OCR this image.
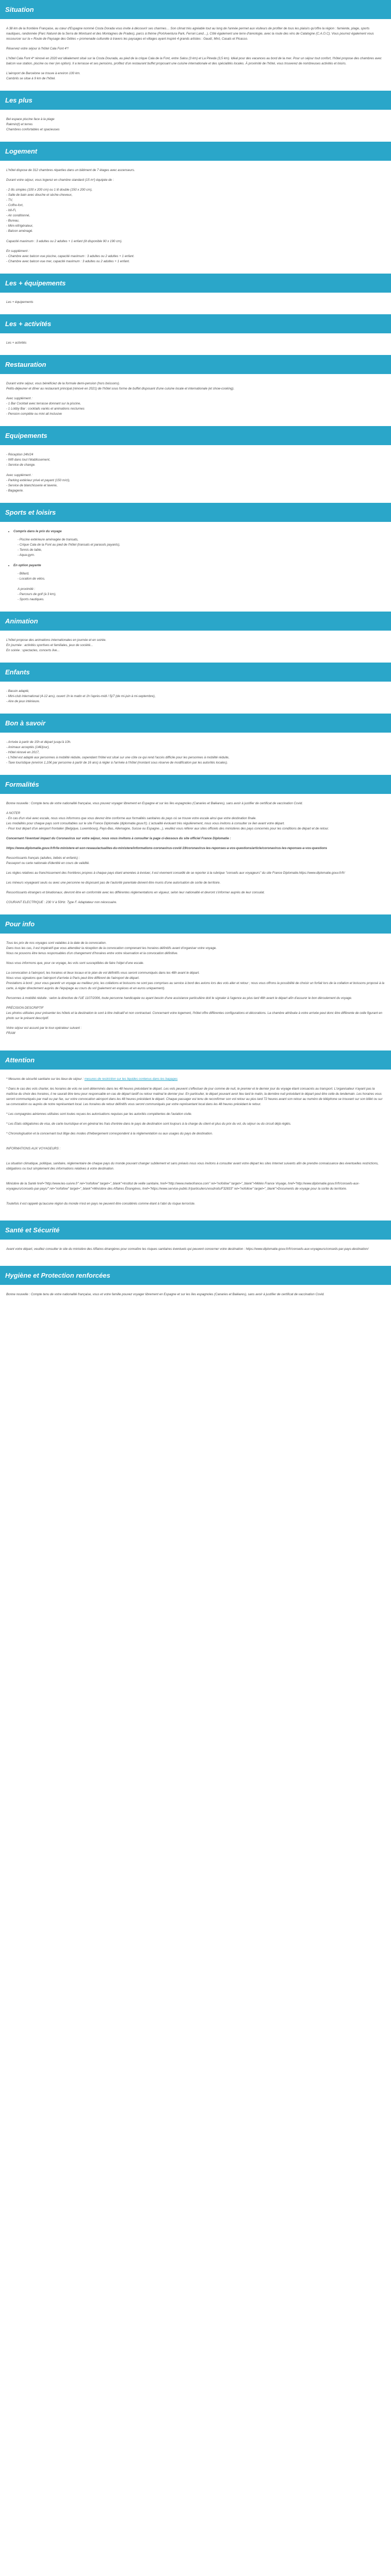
Situation

A 38 km de la frontière Française, au cœur d'Espagne nommé Costa Dorada vous invite à découvrir ses charmes… Son climat très agréable tout au long de l'année permet aux visiteurs de profiter de tous les plaisirs qu'offre la région : farniente, plage, sports nautiques, randonnée (Parc Naturel de la Serra de Montsant et des Montagnes de Prades), parcs à thème (PortAventura Park, Ferrari Land…), Côté également une terre d'œnologie, avec la route des vins de Catalogne (C.A.O.C). Vous pourrez également vous ressourcer sur la « Route de Paysage des Géties » promenade culturelle à travers les paysages et villages ayant inspiré 4 grands artistes : Gaudí, Miró, Casals et Picasso.

Réservez votre séjour à l'hôtel Cala Font 4*!

L'hôtel Cala Font 4* rénové en 2020 est idéalement situé sur la Costa Dourada, au pied de la crique Cala de la Font, entre Salou (3 km) et La Pineda (3,5 km). Idéal pour des vacances au bord de la mer. Pour un séjour tout confort, l'hôtel propose des chambres avec balcon vue station, piscine ou mer (en option). Il a terrasse et ses pensions, profitez d'un restaurant buffet proposant une cuisine internationale et des spécialités locales. À proximité de l'hôtel, vous trouverez de nombreuses activités et loisirs.

L'aéroport de Barcelone se trouve à environ 100 km.
Cambrils se situe à 9 km de l'hôtel.
Les plus
Bel espace piscine face à la plage
Rakmin(t) et terres
Chambres confortables et spacieuses
Logement

L'hôtel dispose de 312 chambres réparties dans un bâtiment de 7 étages avec ascenseurs.

Durant votre séjour, vous logerez en chambre standard (15 m²) équipée de :

- 2 lits simples (100 x 200 cm) ou 1 lit double (150 x 200 cm),
- Salle de bain avec douche et sèche-cheveux,
- TV,
- Coffre-fort,
- Wi-Fi,
- Air conditionné,
- Bureau,
- Mini-réfrigérateur,
- Balcon aménagé.

Capacité maximum : 3 adultes ou 2 adultes + 1 enfant (lit disponible 90 x 190 cm).

En supplément :
- Chambre avec balcon vue piscine, capacité maximum : 3 adultes ou 2 adultes + 1 enfant.
- Chambre avec balcon vue mer, capacité maximum : 3 adultes ou 2 adultes + 1 enfant.
Les + équipements
Les + équipements
Les + activités
Les + activités
Restauration
Durant votre séjour, vous bénéficiez de la formule demi-pension (hors boissons).

Petits-déjeuner et dîner au restaurant principal (rénové en 2021) de l'hôtel sous forme de buffet disposant d'une cuisine locale et internationale (et show-cooking).

Avec supplément :
- 1 Bar Cocktail avec terrasse donnant sur la piscine,
- 1 Lobby Bar : cocktails variés et animations nocturnes
- Pension complète ou mini all inclusive
Equipements
- Réception 24h/24
- Wifi dans tout l'établissement,
- Service de change.
Avec supplément :
- Parking extérieur privé et payant (150 m/cl),
- Service de blanchisserie et laverie,
- Bagagerie.
Sports et loisirs
• Compris dans le prix du voyage
- Piscine extérieure aménagée de transats,
- Crique Cala de la Font au pied de l'hôtel (transats et parasols payants),
- Tennis de table,
- Aqua-gym.
• En option payante
- Billard,
- Location de vélos.
A proximité :
- Parcours de golf (à 3 km),
- Sports nautiques.
Animation
L'hôtel propose des animations internationales en journée et en soirée.
En journée : activités sportives et familiales, jeux de société...
En soirée : spectacles, concerts live...
Enfants
- Bassin adapté,
- Mini-club international (4-12 ans), ouvert 1h le matin et 1h l'après-midi / 5j/7 (de mi-juin à mi-septembre),
- Aire de jeux intérieure.
Bon à savoir
- Arrivée à partir de 15h et départ jusqu'à 10h.
- Animaux acceptés (14€/jour),
- Hôtel rénové en 2017,
- L'hôtel est adapté aux personnes à mobilité réduite, cependant l'hôtel est situé sur une côte ce qui rend l'accès difficile pour les personnes à mobilité réduite,
- Taxe touristique (environ 1,10€ par personne à partir de 16 ans) à régler à l'arrivée à l'hôtel (montant sous réserve de modification par les autorités locales).
Formalités

Bonne nouvelle : Compte tenu de votre nationalité française, vous pouvez voyager librement en Espagne et sur les îles espagnoles (Canaries et Baléares), sans avoir à justifier de certificat de vaccination Covid.

A NOTER
- En cas d'un visé avec escale, nous vous informons que vous devrez être conforme aux formalités sanitaires du pays où se trouve votre escale ainsi que votre destination finale.
Les modalités pour chaque pays sont consultables sur le site France Diplomatie (diplomatie.gouv.fr). L'actualité évoluant très régulièrement, nous vous invitons à consulter ce lien avant votre départ.

- Pour tout départ d'un aéroport frontalier (Belgique, Luxembourg, Pays-Bas, Allemagne, Suisse ou Espagne...), veuillez vous référer aux sites officiels des ministères des pays concernés pour les conditions de départ et de retour.

Concernant l'éventuel impact du Coronavirus sur votre séjour, nous vous invitons à consulter la page ci-dessous du site officiel France Diplomatie :

https://www.diplomatie.gouv.fr/fr/le-ministere-et-son-reseau/actualites-du-ministere/informations-coronavirus-covid-19/coronavirus-les-reponses-a-vos-questions/article/coronavirus-les-reponses-a-vos-questions

Ressortissants français (adultes, bébés et enfants) :

Passeport ou carte nationale d'identité en cours de validité.

Les règles relatives au franchissement des frontières propres à chaque pays étant amenées à évoluer, il est vivement conseillé de se reporter à la rubrique "conseils aux voyageurs" du site France Diplomatie.https://www.diplomatie.gouv.fr/fr/

Les mineurs voyageant seuls ou avec une personne ne disposant pas de l'autorité parentale doivent être munis d'une autorisation de sortie de territoire.

Ressortissants étrangers et binationaux, devront être en conformité avec les différentes réglementations en vigueur, selon leur nationalité et devront s'informer auprès de leur consulat.

COURANT ELECTRIQUE : 230 V à 50Hz. Type F. Adaptateur non nécessaire.
Pour info
Tous les prix de nos voyages sont valables à la date de la convocation.
Dans tous les cas, il est impératif que vous attendiez la réception de la convocation comprenant les horaires définitifs avant d'organiser votre voyage.

Nous ne pouvons être tenus responsables d'un changement d'horaires entre votre réservation et la convocation définitive.

Nous vous informons que, pour ce voyage, les vols sont susceptibles de faire l'objet d'une escale.

La convocation à l'aéroport, les horaires et lieux locaux et le plan de vol définitifs vous seront communiqués dans les 48h avant le départ.
Nous vous signalons que l'aéroport d'arrivée à Paris peut être différent de l'aéroport de départ.

Prestations à bord : pour vous garantir un voyage au meilleur prix, les collations et boissons ne sont pas comprises au service à bord des avions lors des vols aller et retour ; nous vous offrons la possibilité de choisir un forfait lors de la collation et boissons proposé à la carte, à régler directement auprès de l'équipage au cours du vol (paiement en espèces et en euros uniquement).

Personnes à mobilité réduite : selon la directive de l'UE 1107/2006, toute personne handicapée ou ayant besoin d'une assistance particulière doit le signaler à l'agence au plus tard 48h avant le départ afin d'assurer le bon déroulement du voyage.

PRÉCISION DESCRIPTIF

Les photos utilisées pour présenter les hôtels et la destination le sont à titre indicatif et non contractuel. Concernant votre logement, l'hôtel offre différentes configurations et décorations. La chambre attribuée à votre arrivée peut donc être différente de celle figurant en photo sur le présent descriptif.

Votre séjour est assuré par le tour-opérateur suivant :
FRAM
Attention

* Mesures de sécurité sanitaire sur les lieux de séjour : mesures de restriction sur les liquides contenus dans les bagages

* Dans le cas des vols charter, les horaires de vols ne sont déterminés dans les 48 heures précédant le départ. Les vols peuvent s'effectuer de jour comme de nuit, le premier et le dernier jour du voyage étant consacrés au transport. L'organisateur n'ayant pas la maîtrise du choix des horaires, il ne saurait être tenu pour responsable en cas de départ tardif ou retour matinal le dernier jour. En particulier, le départ pouvant avoir lieu tard le matin, la dernière nuit précédant le départ peut être celle du lendemain. Les horaires vous seront communiqués par mail ou par fax, sur votre convocation aéroport dans les 48 heures précédant le départ. Chaque passager est tenu de reconfirmer son vol retour au plus tard 72 heures avant son retour au numéro de téléphone se trouvant sur son billet ou sur sa convocation ou auprès de notre représentant local. Les horaires de retour définitifs vous seront communiqués par votre représentant local dans les 48 heures précédant le retour.

* Les compagnies aériennes utilisées sont toutes reçues les autorisations requises par les autorités compétentes de l'aviation civile.

* Les Etats obligatoires de visa, de carte touristique et en général les frais d'entrée dans le pays de destination sont toujours à la charge du client et plus du prix du vol, du séjour ou du circuit déjà réglés.

* Chronologisation et la concernant tout litige des modes d'hébergement correspondent à la réglementation ou aux usages du pays de destination.

INFORMATIONS AUX VOYAGEURS :

La situation climatique, politique, sanitaire, réglementaire de chaque pays du monde pouvant changer subitement et sans préavis nous vous invitons à consulter avant votre départ les sites Internet suivants afin de prendre connaissance des éventuelles restrictions, obligations ou tout simplement des informations relatives à votre destination.

Ministère de la Santé href="http://www.les-suivre.fr" rel="nofollow" target="_blank">Institut de veille sanitaire, href="http://www.meteofrance.com" rel="nofollow" target="_blank">Météo France Voyage, href="http://www.diplomatie.gouv.fr/fr/conseils-aux-voyageurs/conseils-par-pays/" rel="nofollow" target="_blank">Ministère des Affaires Étrangères, href="https://www.service-public.fr/particuliers/vosdroits/F32833" rel="nofollow" target="_blank">Documents de voyage pour la sortie du territoire.

Toutefois il est rappelé qu'aucune région du monde n'est en pays ne peuvent être considérés comme étant à l'abri du risque terroriste.

Santé et Sécurité

Avant votre départ, veuillez consulter le site du ministère des Affaires étrangères pour connaître les risques sanitaires éventuels qui peuvent concerner votre destination : https://www.diplomatie.gouv.fr/fr/conseils-aux-voyageurs/conseils-par-pays-destination/

Hygiène et Protection renforcées

Bonne nouvelle : Compte tenu de votre nationalité française, vous et votre famille pouvez voyager librement en Espagne et sur les îles espagnoles (Canaries et Baléares), sans avoir à justifier de certificat de vaccination Covid.
